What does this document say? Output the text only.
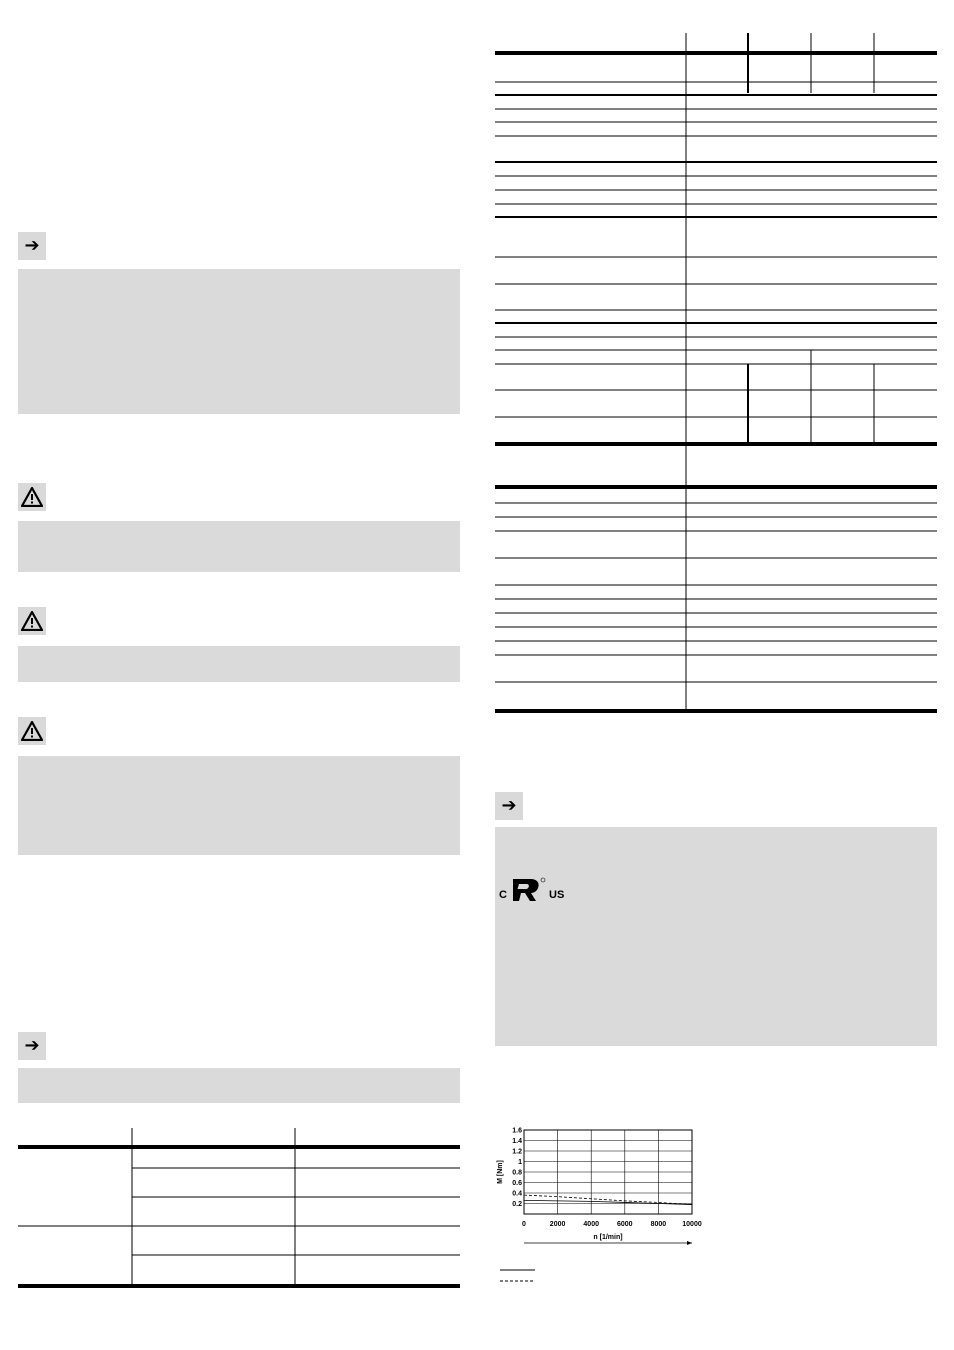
➔
➔
➔
C	US
0	2000	4000	6000	8000 10000
0.2
0.4
0.6
0.8
1
1.2
1.4
1.6
n [1/min]
M [Nm]
